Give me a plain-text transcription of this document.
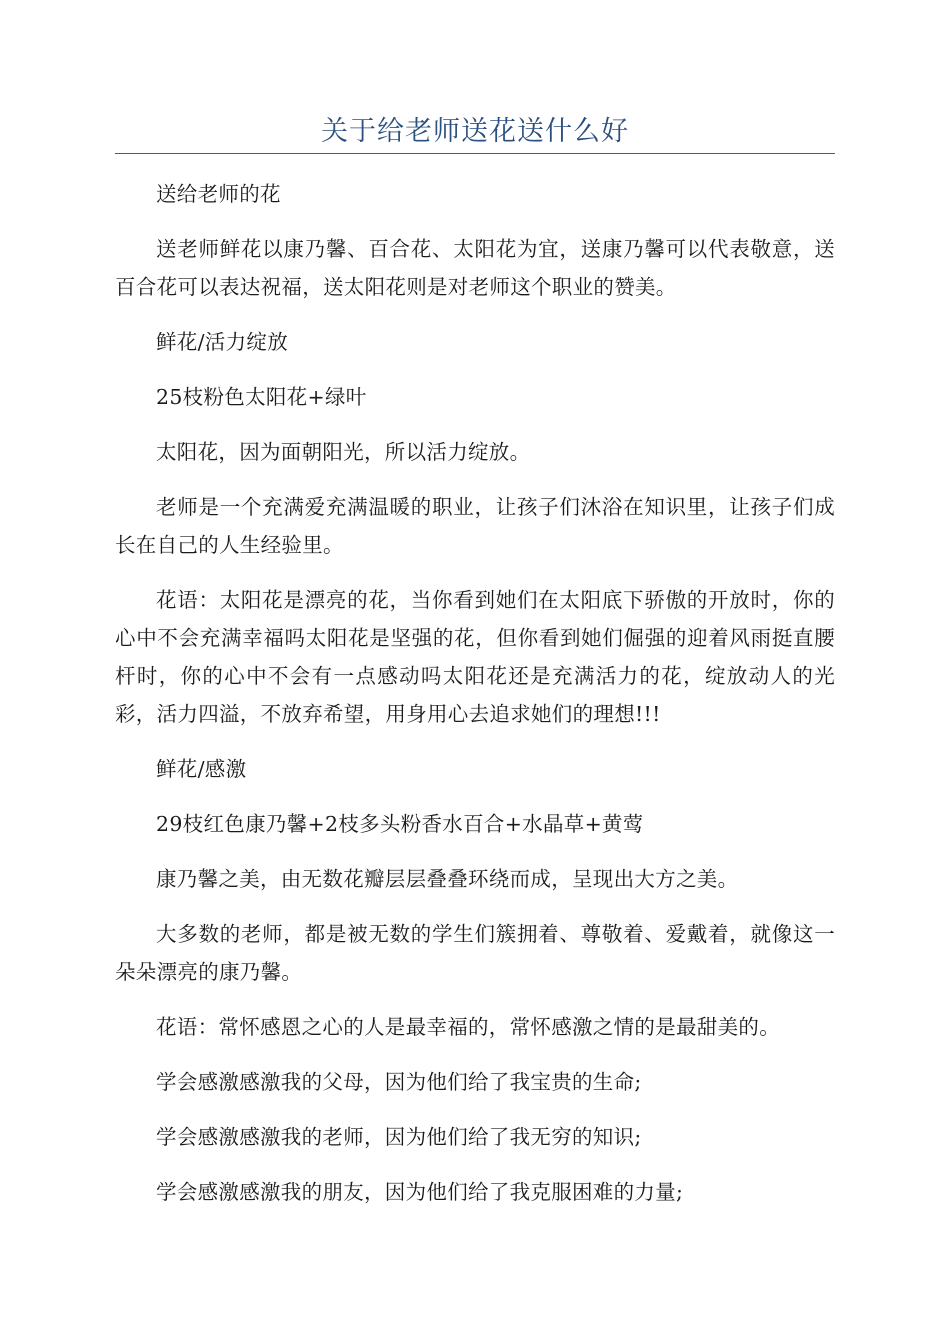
关于给老师送花送什么好

送给老师的花

送老师鲜花以康乃馨、百合花、太阳花为宜，送康乃馨可以代表敬意，送百合花可以表达祝福，送太阳花则是对老师这个职业的赞美。

鲜花/活力绽放

25枝粉色太阳花+绿叶

太阳花，因为面朝阳光，所以活力绽放。

老师是一个充满爱充满温暖的职业，让孩子们沐浴在知识里，让孩子们成长在自己的人生经验里。

花语：太阳花是漂亮的花，当你看到她们在太阳底下骄傲的开放时，你的心中不会充满幸福吗太阳花是坚强的花，但你看到她们倔强的迎着风雨挺直腰杆时，你的心中不会有一点感动吗太阳花还是充满活力的花，绽放动人的光彩，活力四溢，不放弃希望，用身用心去追求她们的理想!!!

鲜花/感激

29枝红色康乃馨+2枝多头粉香水百合+水晶草+黄莺

康乃馨之美，由无数花瓣层层叠叠环绕而成，呈现出大方之美。

大多数的老师，都是被无数的学生们簇拥着、尊敬着、爱戴着，就像这一朵朵漂亮的康乃馨。

花语：常怀感恩之心的人是最幸福的，常怀感激之情的是最甜美的。

学会感激感激我的父母，因为他们给了我宝贵的生命;

学会感激感激我的老师，因为他们给了我无穷的知识;

学会感激感激我的朋友，因为他们给了我克服困难的力量;
